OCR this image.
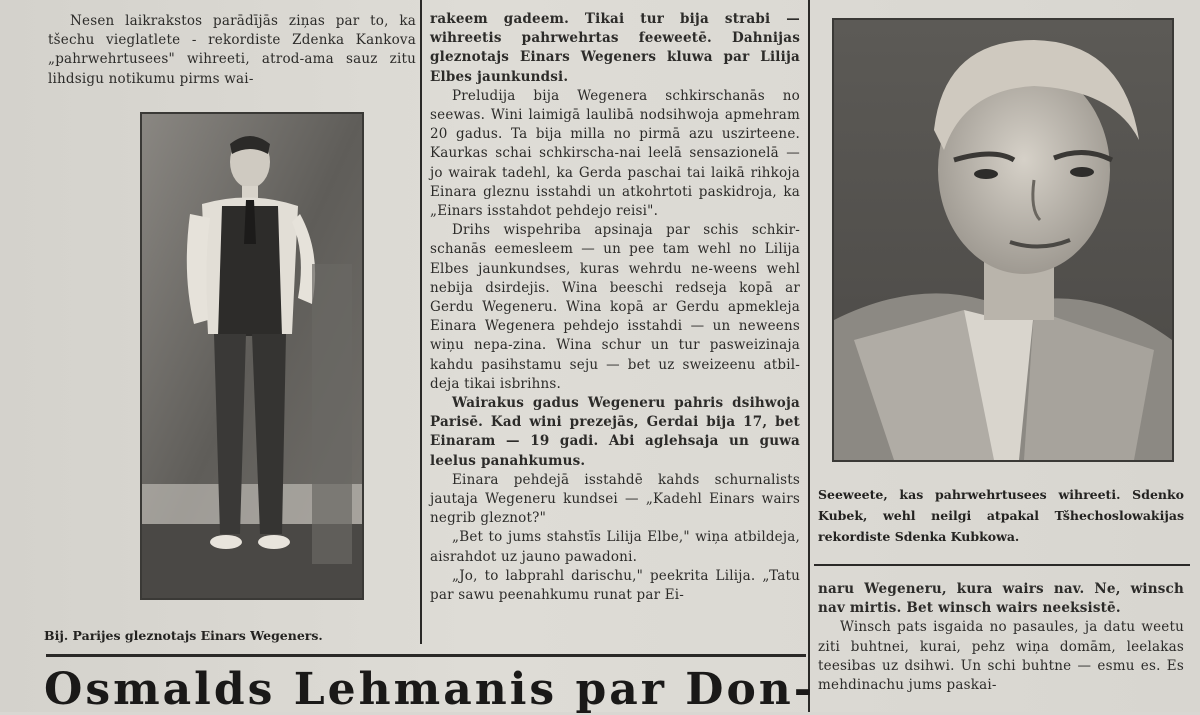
Nesen laikrakstos parādījās ziņas par to, ka tšechu vieglatlete - rekordiste Zdenka Kankova „pahrwehrtusees" wihreeti, atrod-ama sauz zitu lihdsigu notikumu pirms wai-

Bij. Parijes gleznotajs Einars Wegeners.

rakeem gadeem. Tikai tur bija strabi — wihreetis pahrwehrtas feeweetē. Dahnijas gleznotajs Einars Wegeners kluwa par Lilija Elbes jaunkundsi.

Preludija bija Wegenera schkirschanās no seewas. Wini laimigā laulibā nodsihwoja apmehram 20 gadus. Ta bija milla no pirmā azu uszirteene. Kaurkas schai schkirscha-nai leelā sensazionelā — jo wairak tadehl, ka Gerda paschai tai laikā rihkoja Einara gleznu isstahdi un atkohrtoti paskidroja, ka „Einars isstahdot pehdejo reisi".

Drihs wispehriba apsinaja par schis schkir-schanās eemesleem — un pee tam wehl no Lilija Elbes jaunkundses, kuras wehrdu ne-weens wehl nebija dsirdejis. Wina beeschi redseja kopā ar Gerdu Wegeneru. Wina kopā ar Gerdu apmekleja Einara Wegenera pehdejo isstahdi — un neweens wiņu nepa-zina. Wina schur un tur pasweizinaja kahdu pasihstamu seju — bet uz sweizeenu atbil-deja tikai isbrihns.

Wairakus gadus Wegeneru pahris dsihwoja Parisē. Kad wini prezejās, Gerdai bija 17, bet Einaram — 19 gadi. Abi aglehsaja un guwa leelus panahkumus.

Einara pehdejā isstahdē kahds schurnalists jautaja Wegeneru kundsei — „Kadehl Einars wairs negrib gleznot?"

„Bet to jums stahstīs Lilija Elbe," wiņa atbildeja, aisrahdot uz jauno pawadoni.

„Jo, to labprahl darischu," peekrita Lilija. „Tatu par sawu peenahkumu runat par Ei-

Seeweete, kas pahrwehrtusees wihreeti. Sdenko Kubek, wehl neilgi atpakal Tšhechoslowakijas rekordiste Sdenka Kubkowa.

naru Wegeneru, kura wairs nav. Ne, winsch nav mirtis. Bet winsch wairs neeksistē.

Winsch pats isgaida no pasaules, ja datu weetu ziti buhtnei, kurai, pehz wiņa domām, leelakas teesibas uz dsihwi. Un schi buhtne — esmu es. Es mehdinachu jums paskai-

Osmalds Lehmanis par Don-
